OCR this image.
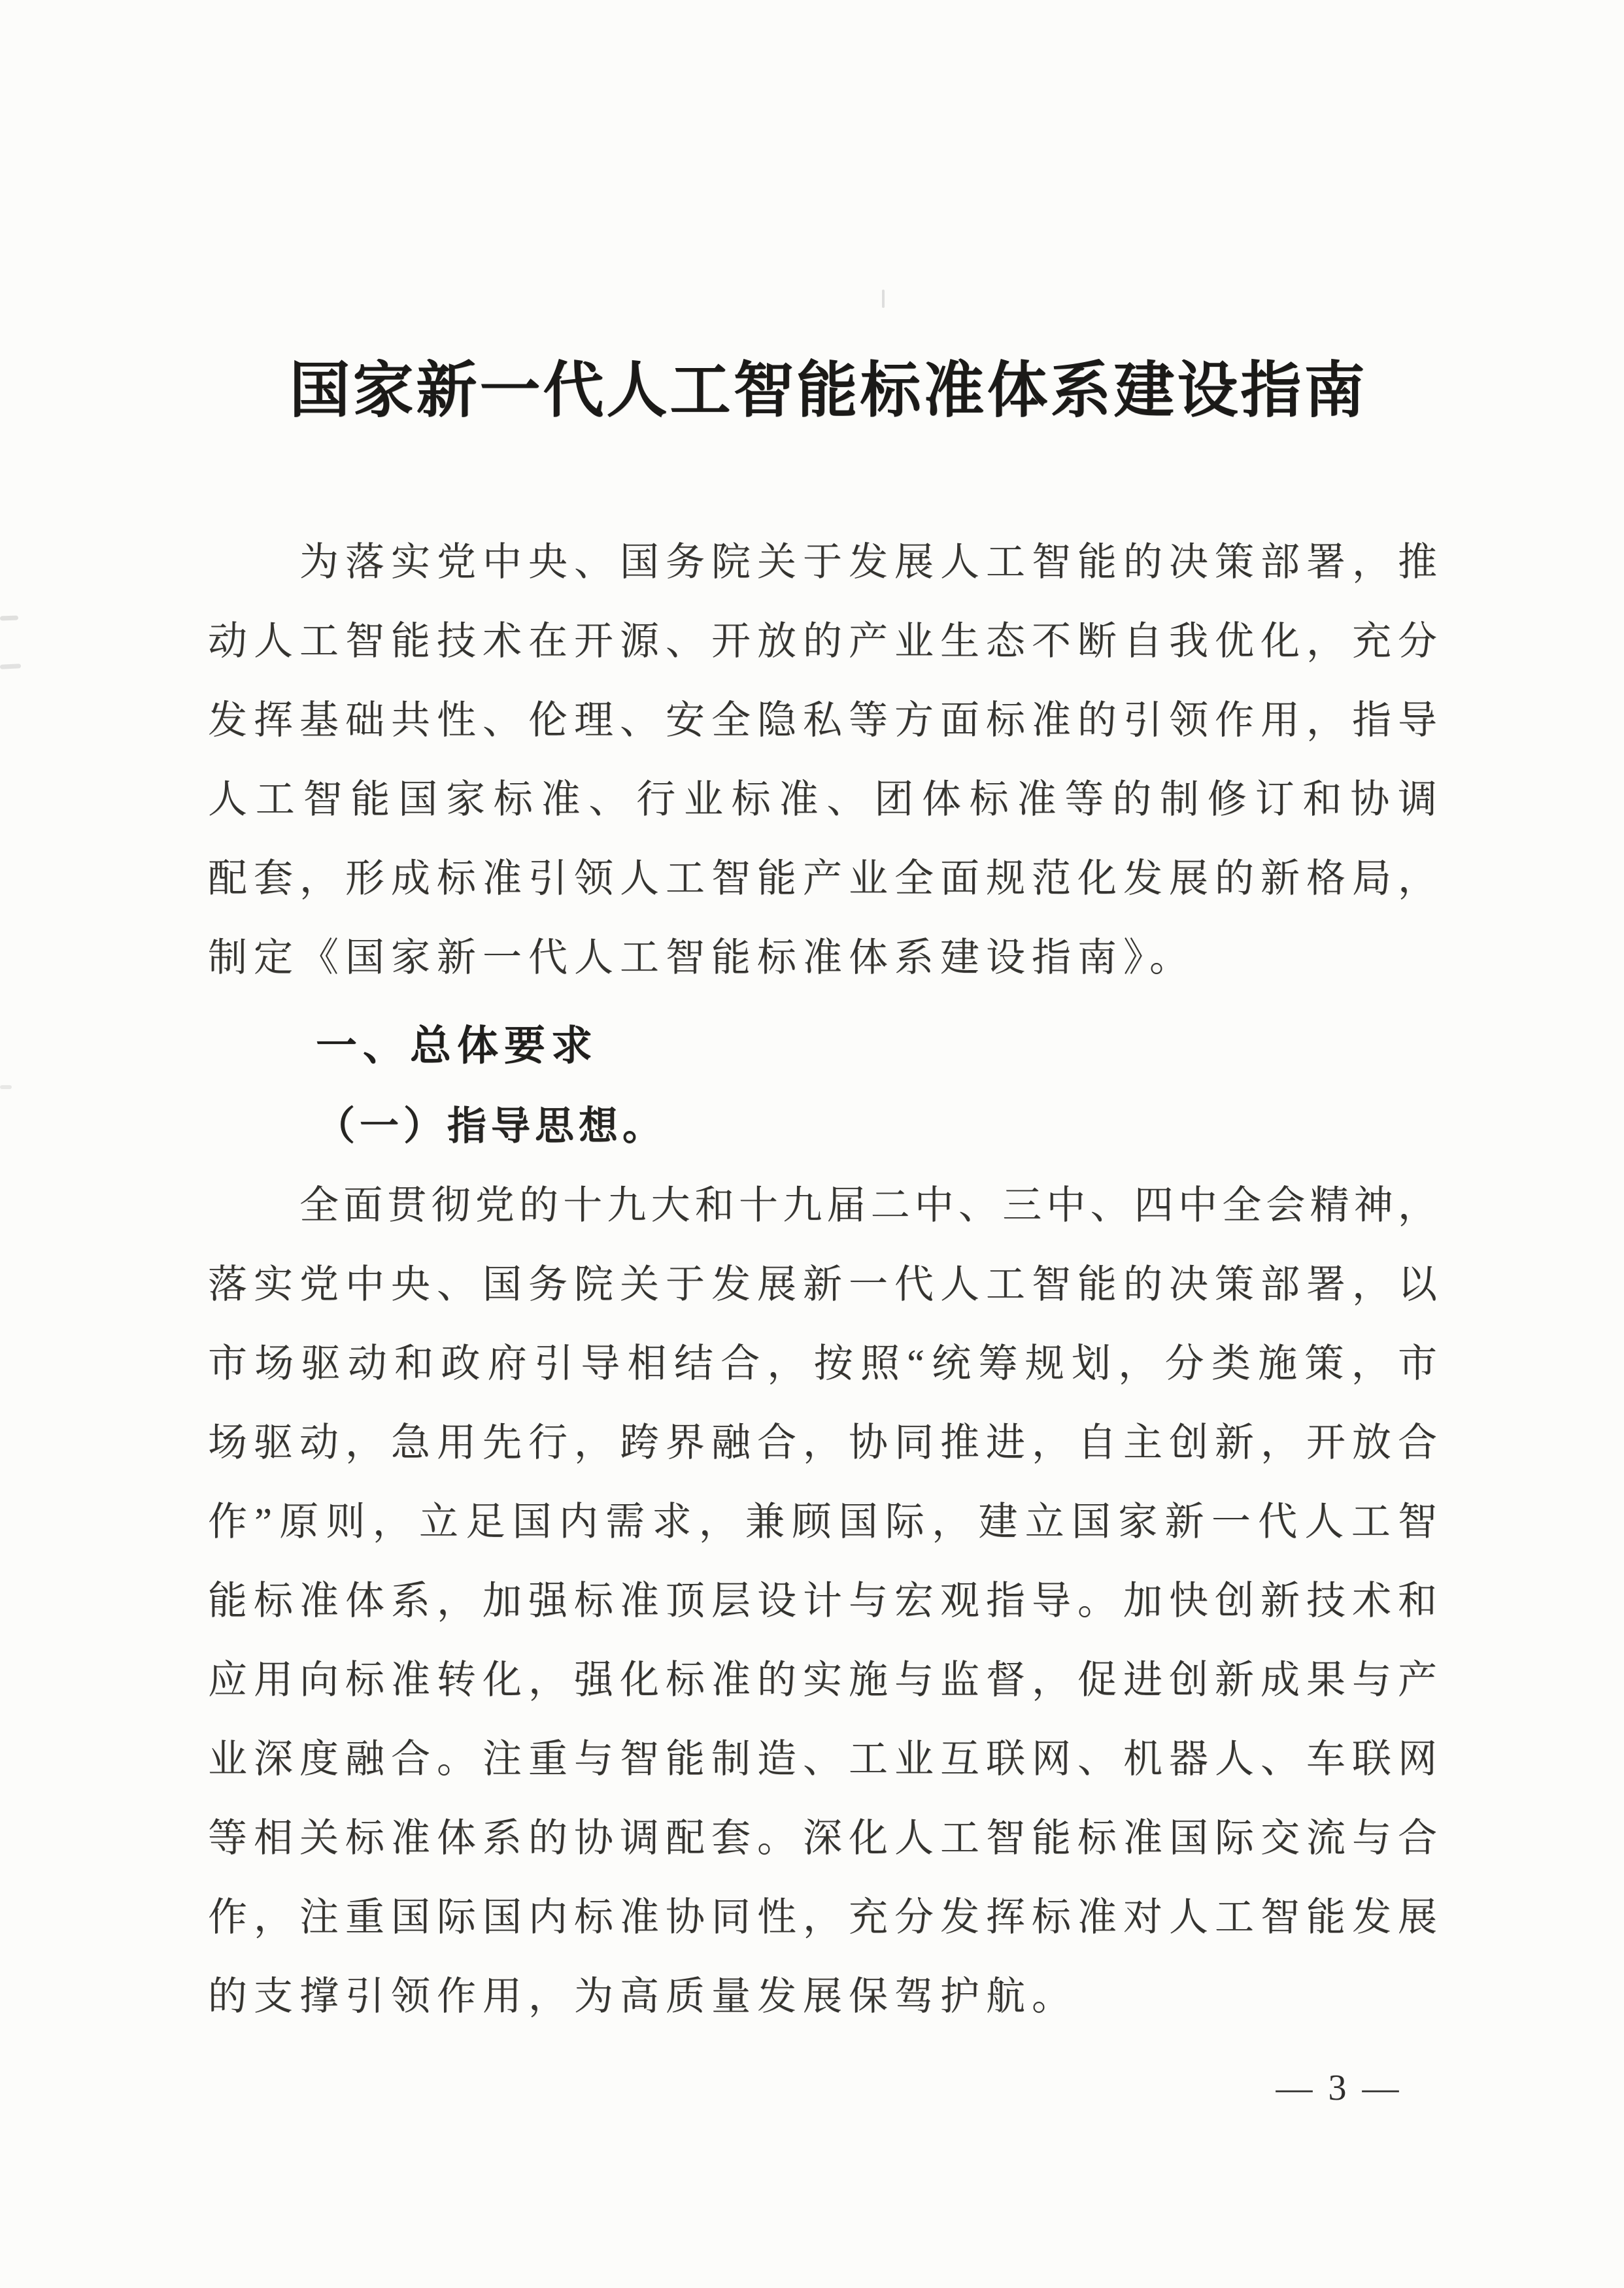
国家新一代人工智能标准体系建设指南
为落实党中央、国务院关于发展人工智能的决策部署，推
动人工智能技术在开源、开放的产业生态不断自我优化，充分
发挥基础共性、伦理、安全隐私等方面标准的引领作用，指导
人工智能国家标准、行业标准、团体标准等的制修订和协调
配套，形成标准引领人工智能产业全面规范化发展的新格局，
制定《国家新一代人工智能标准体系建设指南》。
一、总体要求
（一）指导思想。
全面贯彻党的十九大和十九届二中、三中、四中全会精神，
落实党中央、国务院关于发展新一代人工智能的决策部署，以
市场驱动和政府引导相结合，按照“统筹规划，分类施策，市
场驱动，急用先行，跨界融合，协同推进，自主创新，开放合
作”原则，立足国内需求，兼顾国际，建立国家新一代人工智
能标准体系，加强标准顶层设计与宏观指导。加快创新技术和
应用向标准转化，强化标准的实施与监督，促进创新成果与产
业深度融合。注重与智能制造、工业互联网、机器人、车联网
等相关标准体系的协调配套。深化人工智能标准国际交流与合
作，注重国际国内标准协同性，充分发挥标准对人工智能发展
的支撑引领作用，为高质量发展保驾护航。
— 3 —
